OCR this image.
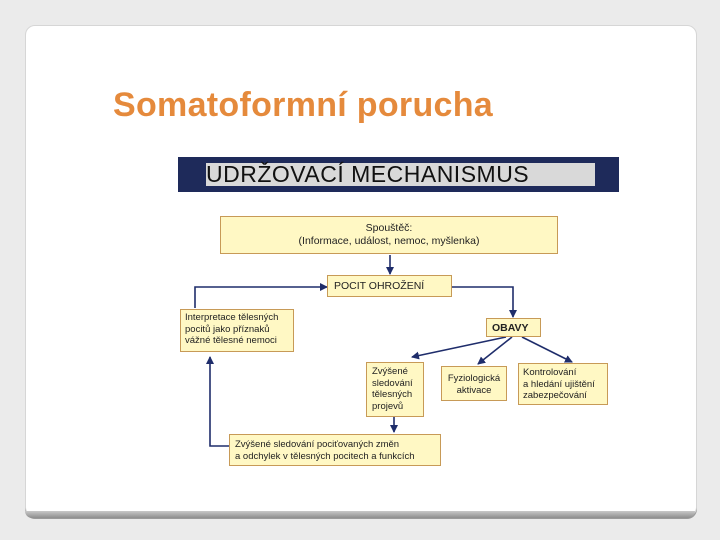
Somatoformní porucha
UDRŽOVACÍ MECHANISMUS
Spouštěč:
(Informace, událost, nemoc, myšlenka)
POCIT OHROŽENÍ
OBAVY
Interpretace tělesných
pocitů jako příznaků
vážné tělesné nemoci
Zvýšené
sledování
tělesných
projevů
Fyziologická
aktivace
Kontrolování
a hledání ujištění
zabezpečování
Zvýšené sledování pociťovaných změn
a odchylek v tělesných pocitech a funkcích
